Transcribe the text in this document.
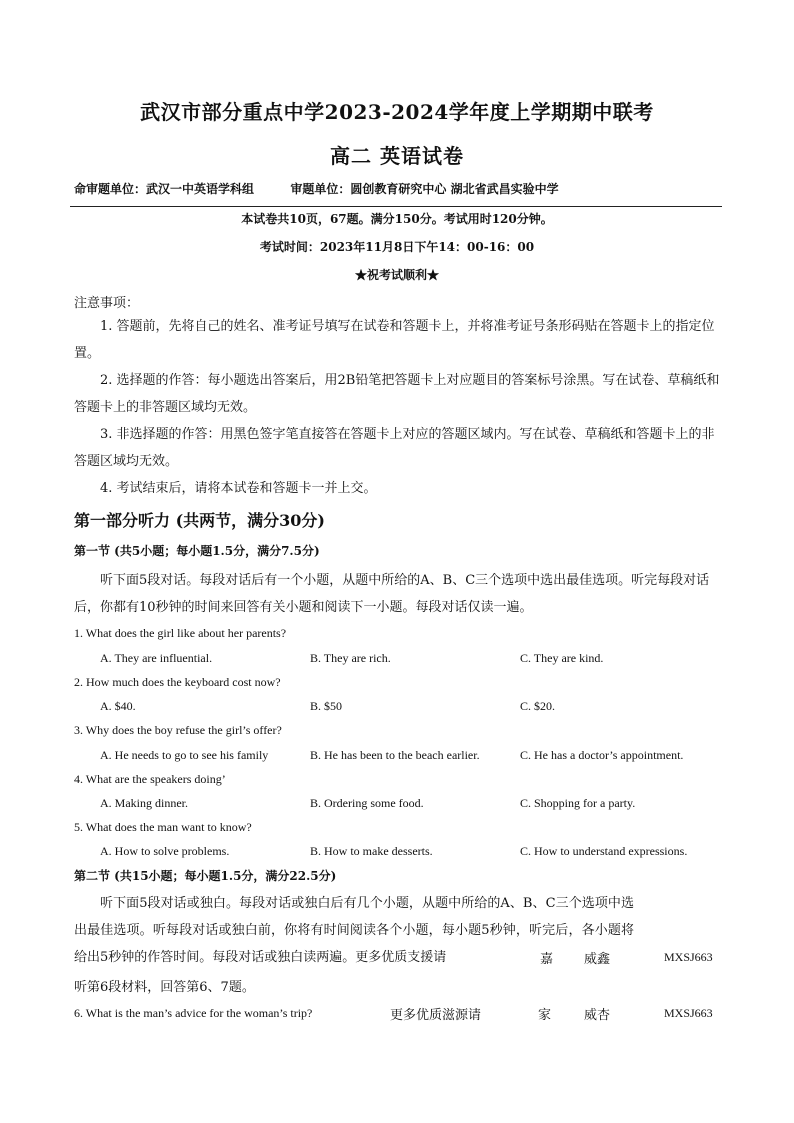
武汉市部分重点中学2023-2024学年度上学期期中联考
高二 英语试卷
命审题单位：武汉一中英语学科组	审题单位：圆创教育研究中心 湖北省武昌实验中学
本试卷共10页，67题。满分150分。考试用时120分钟。
考试时间：2023年11月8日下午14：00-16：00
★祝考试顺利★
注意事项：
1. 答题前，先将自己的姓名、准考证号填写在试卷和答题卡上，并将准考证号条形码贴在答题卡上的指定位置。
2. 选择题的作答：每小题选出答案后，用2B铅笔把答题卡上对应题目的答案标号涂黑。写在试卷、草稿纸和答题卡上的非答题区域均无效。
3. 非选择题的作答：用黑色签字笔直接答在答题卡上对应的答题区域内。写在试卷、草稿纸和答题卡上的非答题区域均无效。
4. 考试结束后，请将本试卷和答题卡一并上交。
第一部分听力 (共两节，满分30分)
第一节 (共5小题；每小题1.5分，满分7.5分)
听下面5段对话。每段对话后有一个小题，从题中所给的A、B、C三个选项中选出最佳选项。听完每段对话后，你都有10秒钟的时间来回答有关小题和阅读下一小题。每段对话仅读一遍。
1. What does the girl like about her parents?
A. They are influential.	B. They are rich.	C. They are kind.
2. How much does the keyboard cost now?
A. $40.	B. $50	C. $20.
3. Why does the boy refuse the girl’s offer?
A. He needs to go to see his family	B. He has been to the beach earlier.	C. He has a doctor’s appointment.
4. What are the speakers doing’
A. Making dinner.	B. Ordering some food.	C. Shopping for a party.
5. What does the man want to know?
A. How to solve problems.	B. How to make desserts.	C. How to understand expressions.
第二节 (共15小题；每小题1.5分，满分22.5分)
听下面5段对话或独白。每段对话或独白后有几个小题，从题中所给的A、B、C三个选项中选出最佳选项。听每段对话或独白前，你将有时间阅读各个小题，每小题5秒钟，听完后，各小题将给出5秒钟的作答时间。每段对话或独白读两遍。更多优质支援请	嘉 威鑫	MXSJ663
听第6段材料，回答第6、7题。
6. What is the man’s advice for the woman’s trip?	更多优质滋源请	家	威杏	MXSJ663
